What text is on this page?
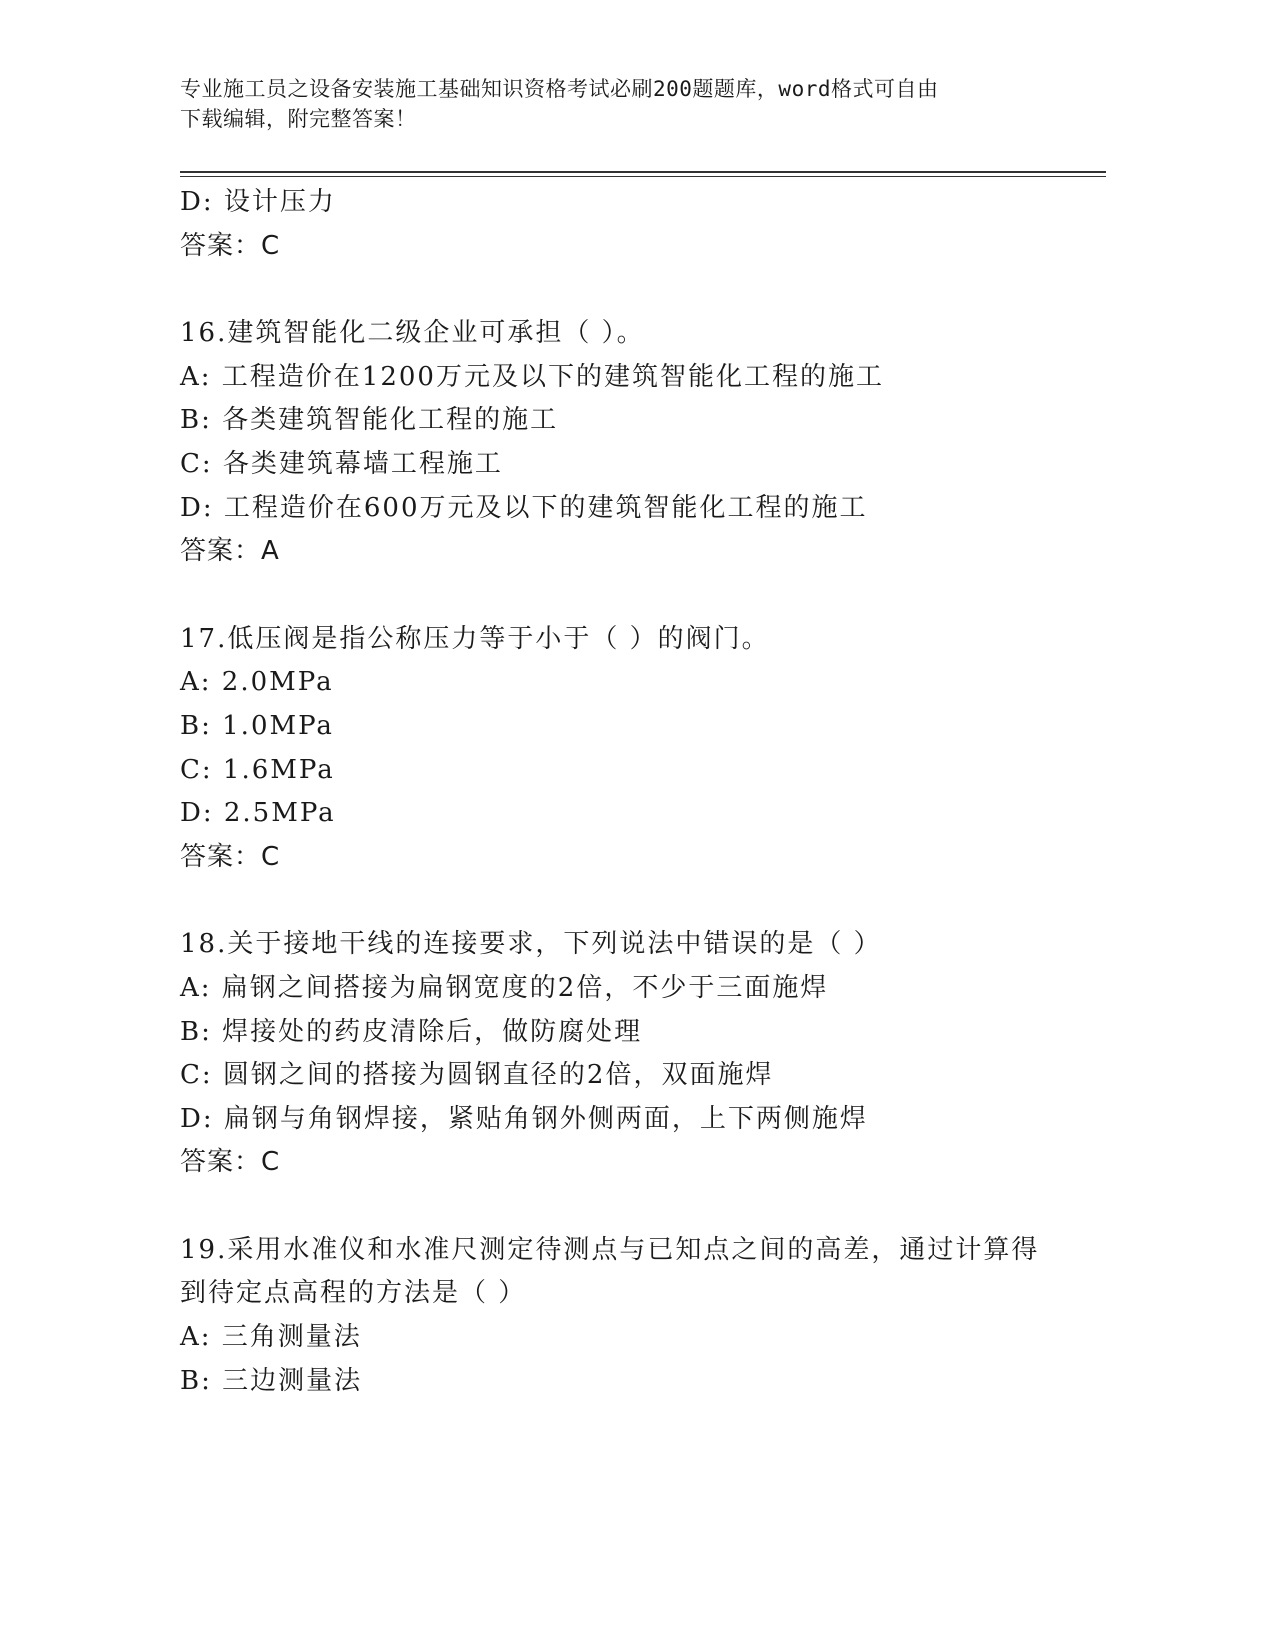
专业施工员之设备安装施工基础知识资格考试必刷200题题库，word格式可自由
下载编辑，附完整答案！
D: 设计压力
答案：C
16.建筑智能化二级企业可承担（ ）。
A: 工程造价在1200万元及以下的建筑智能化工程的施工
B: 各类建筑智能化工程的施工
C: 各类建筑幕墙工程施工
D: 工程造价在600万元及以下的建筑智能化工程的施工
答案：A
17.低压阀是指公称压力等于小于（ ）的阀门。
A: 2.0MPa
B: 1.0MPa
C: 1.6MPa
D: 2.5MPa
答案：C
18.关于接地干线的连接要求，下列说法中错误的是（ ）
A: 扁钢之间搭接为扁钢宽度的2倍，不少于三面施焊
B: 焊接处的药皮清除后，做防腐处理
C: 圆钢之间的搭接为圆钢直径的2倍，双面施焊
D: 扁钢与角钢焊接，紧贴角钢外侧两面，上下两侧施焊
答案：C
19.采用水准仪和水准尺测定待测点与已知点之间的高差，通过计算得
到待定点高程的方法是（ ）
A: 三角测量法
B: 三边测量法
